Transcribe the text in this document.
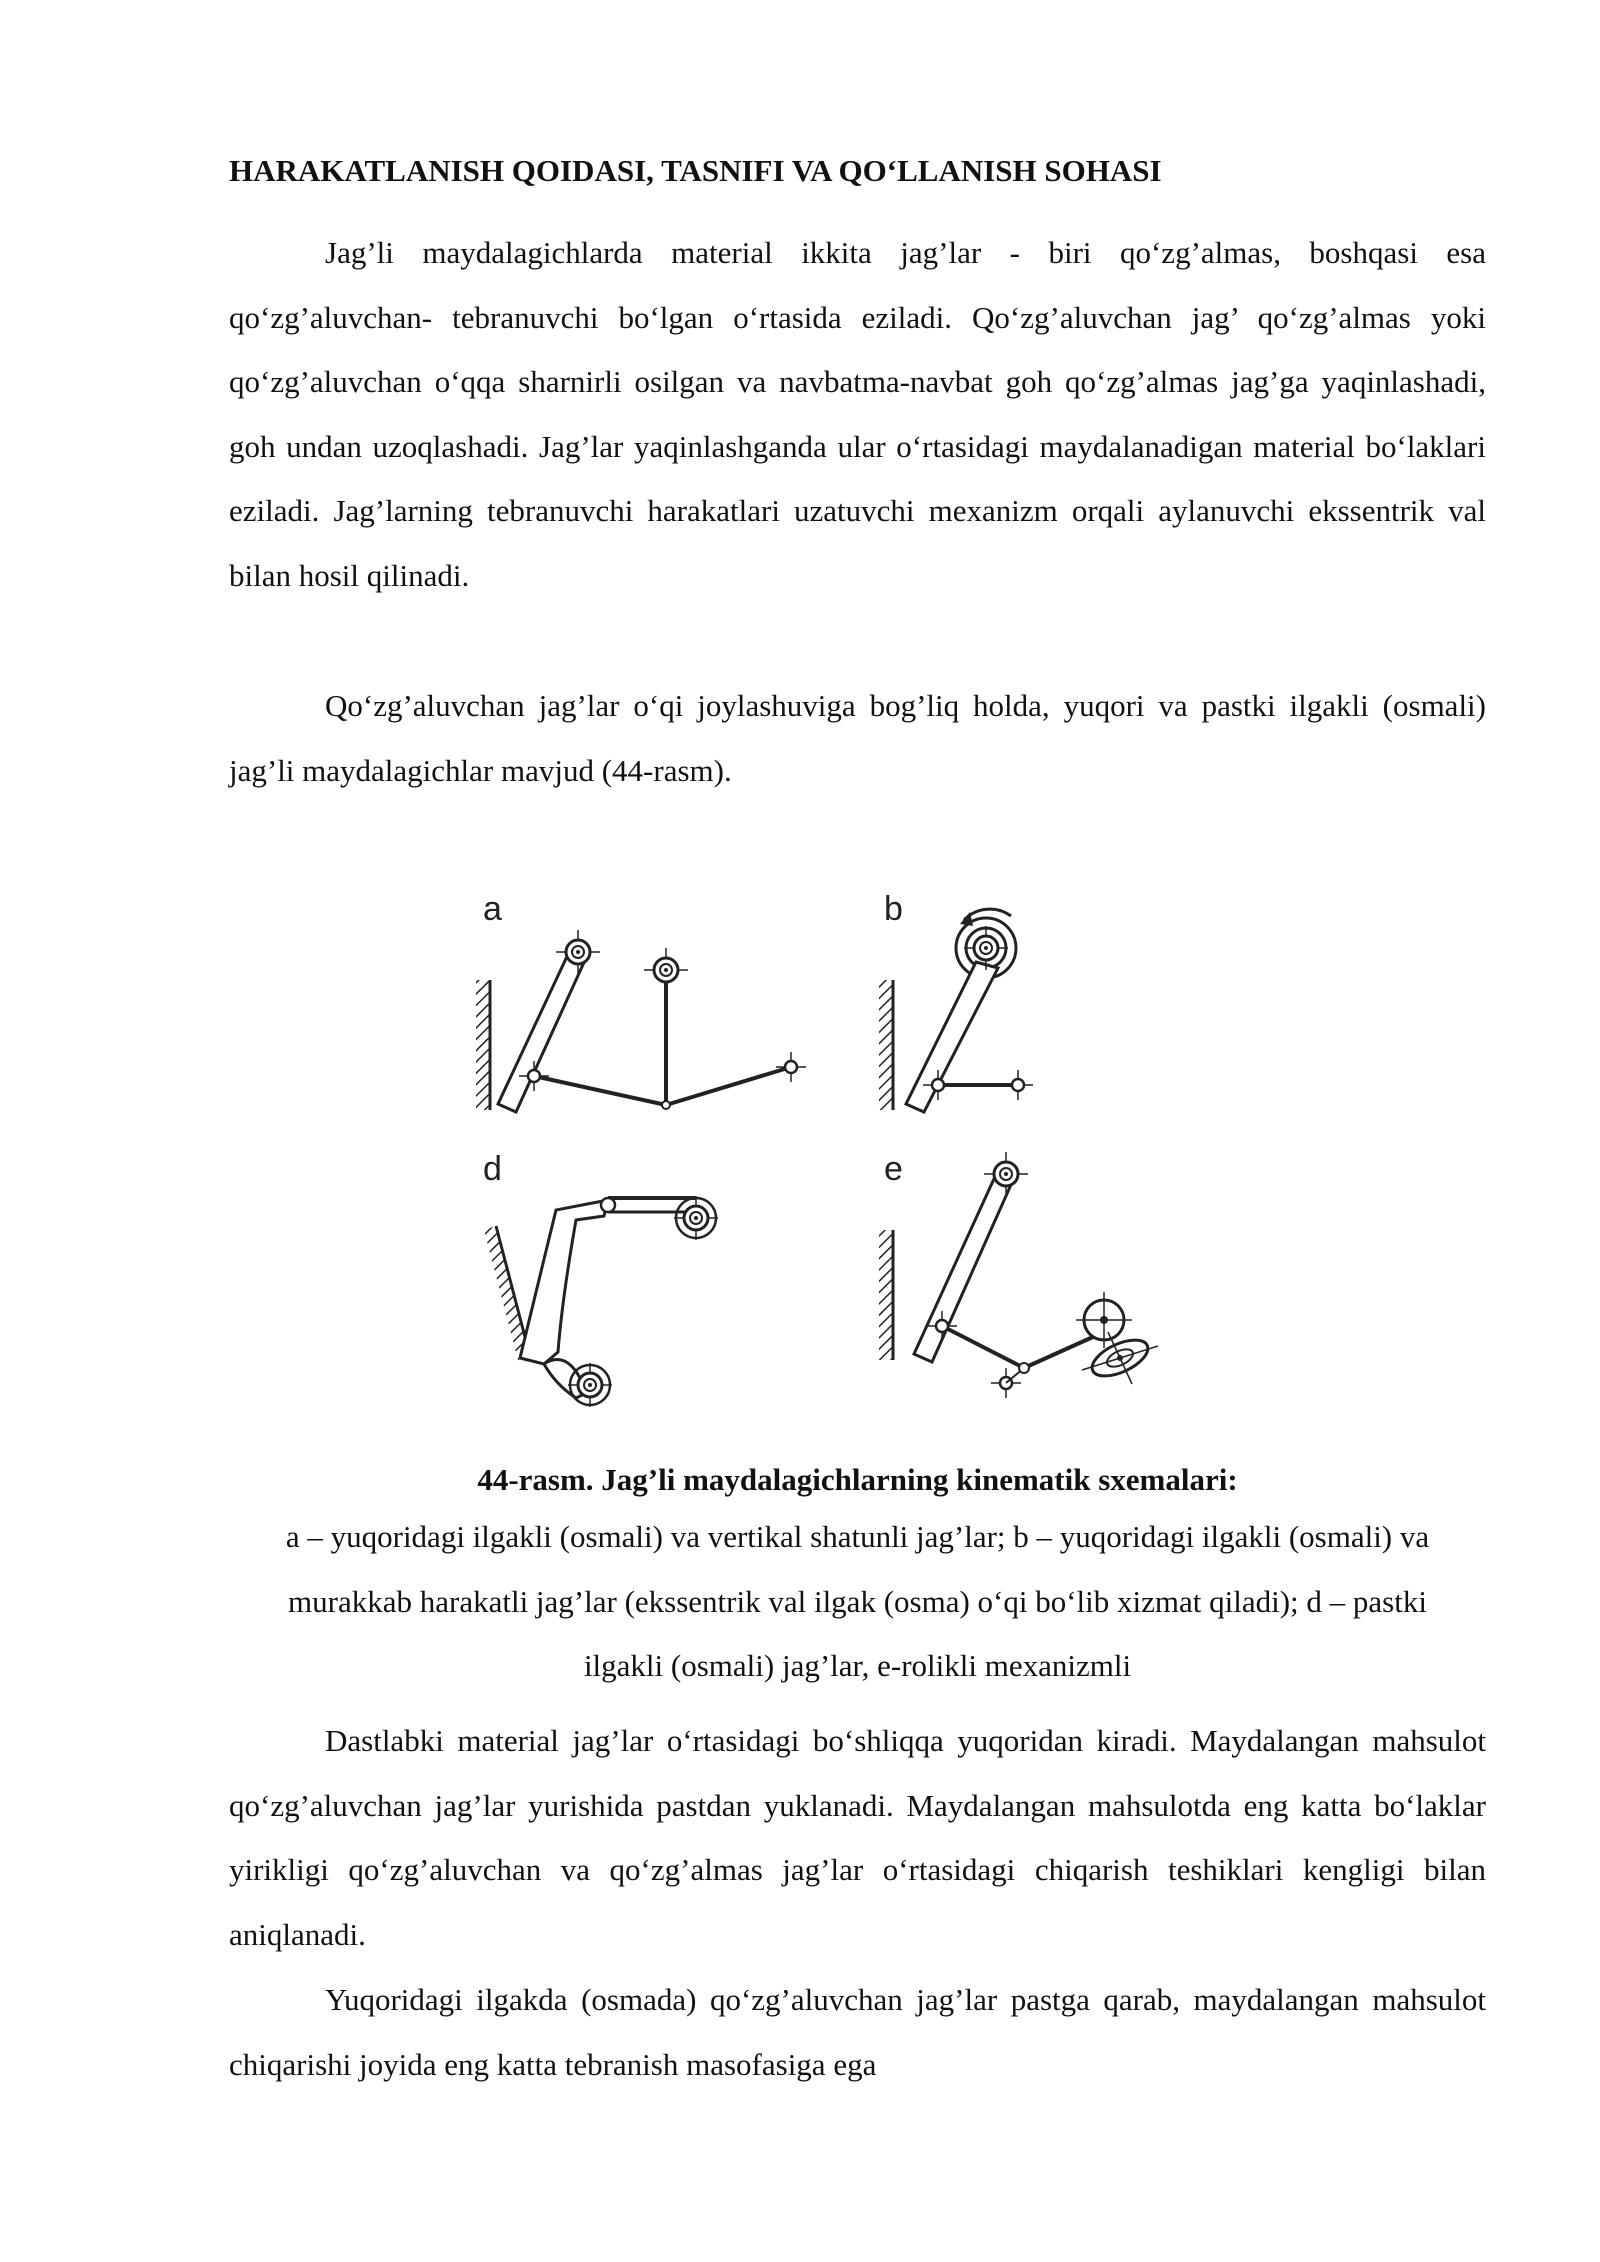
HARAKATLANISH QOIDASI, TASNIFI VA QO‘LLANISH SOHASI

Jag’li maydalagichlarda material ikkita jag’lar - biri qo‘zg’almas, boshqasi esa qo‘zg’aluvchan- tebranuvchi bo‘lgan o‘rtasida eziladi. Qo‘zg’aluvchan jag’ qo‘zg’almas yoki qo‘zg’aluvchan o‘qqa sharnirli osilgan va navbatma-navbat goh qo‘zg’almas jag’ga yaqinlashadi, goh undan uzoqlashadi. Jag’lar yaqinlashganda ular o‘rtasidagi maydalanadigan material bo‘laklari eziladi. Jag’larning tebranuvchi harakatlari uzatuvchi mexanizm orqali aylanuvchi ekssentrik val bilan hosil qilinadi.

Qo‘zg’aluvchan jag’lar o‘qi joylashuviga bog’liq holda, yuqori va pastki ilgakli (osmali) jag’li maydalagichlar mavjud (44-rasm).

a	b
d	e

44-rasm. Jag’li maydalagichlarning kinematik sxemalari:

a – yuqoridagi ilgakli (osmali) va vertikal shatunli jag’lar; b – yuqoridagi ilgakli (osmali) va murakkab harakatli jag’lar (ekssentrik val ilgak (osma) o‘qi bo‘lib xizmat qiladi); d – pastki ilgakli (osmali) jag’lar, e-rolikli mexanizmli

Dastlabki material jag’lar o‘rtasidagi bo‘shliqqa yuqoridan kiradi. Maydalangan mahsulot qo‘zg’aluvchan jag’lar yurishida pastdan yuklanadi. Maydalangan mahsulotda eng katta bo‘laklar yirikligi qo‘zg’aluvchan va qo‘zg’almas jag’lar o‘rtasidagi chiqarish teshiklari kengligi bilan aniqlanadi.

Yuqoridagi ilgakda (osmada) qo‘zg’aluvchan jag’lar pastga qarab, maydalangan mahsulot chiqarishi joyida eng katta tebranish masofasiga ega
